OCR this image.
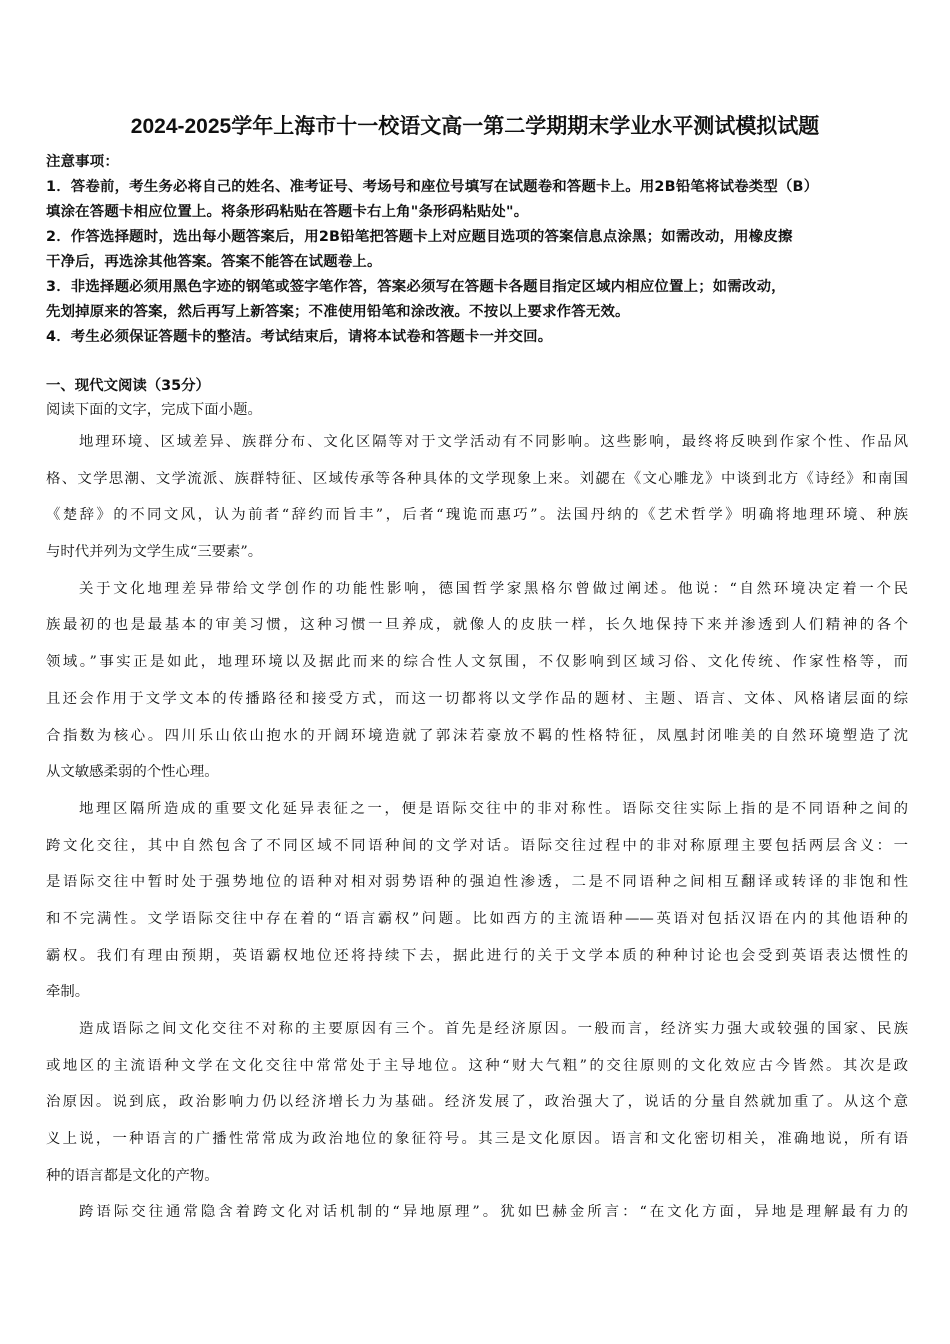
2024-2025学年上海市十一校语文高一第二学期期末学业水平测试模拟试题
注意事项：
1．答卷前，考生务必将自己的姓名、准考证号、考场号和座位号填写在试题卷和答题卡上。用2B铅笔将试卷类型（B）
填涂在答题卡相应位置上。将条形码粘贴在答题卡右上角"条形码粘贴处"。
2．作答选择题时，选出每小题答案后，用2B铅笔把答题卡上对应题目选项的答案信息点涂黑；如需改动，用橡皮擦
干净后，再选涂其他答案。答案不能答在试题卷上。
3．非选择题必须用黑色字迹的钢笔或签字笔作答，答案必须写在答题卡各题目指定区域内相应位置上；如需改动，
先划掉原来的答案，然后再写上新答案；不准使用铅笔和涂改液。不按以上要求作答无效。
4．考生必须保证答题卡的整洁。考试结束后，请将本试卷和答题卡一并交回。
一、现代文阅读（35分）
阅读下面的文字，完成下面小题。
地理环境、区域差异、族群分布、文化区隔等对于文学活动有不同影响。这些影响，最终将反映到作家个性、作品风
格、文学思潮、文学流派、族群特征、区域传承等各种具体的文学现象上来。刘勰在《文心雕龙》中谈到北方《诗经》和南国
《楚辞》的不同文风，认为前者“辞约而旨丰”，后者“瑰诡而惠巧”。法国丹纳的《艺术哲学》明确将地理环境、种族
与时代并列为文学生成“三要素”。
关于文化地理差异带给文学创作的功能性影响，德国哲学家黑格尔曾做过阐述。他说：“自然环境决定着一个民
族最初的也是最基本的审美习惯，这种习惯一旦养成，就像人的皮肤一样，长久地保持下来并渗透到人们精神的各个
领域。”事实正是如此，地理环境以及据此而来的综合性人文氛围，不仅影响到区域习俗、文化传统、作家性格等，而
且还会作用于文学文本的传播路径和接受方式，而这一切都将以文学作品的题材、主题、语言、文体、风格诸层面的综
合指数为核心。四川乐山依山抱水的开阔环境造就了郭沫若豪放不羁的性格特征，凤凰封闭唯美的自然环境塑造了沈
从文敏感柔弱的个性心理。
地理区隔所造成的重要文化延异表征之一，便是语际交往中的非对称性。语际交往实际上指的是不同语种之间的
跨文化交往，其中自然包含了不同区域不同语种间的文学对话。语际交往过程中的非对称原理主要包括两层含义：一
是语际交往中暂时处于强势地位的语种对相对弱势语种的强迫性渗透，二是不同语种之间相互翻译或转译的非饱和性
和不完满性。文学语际交往中存在着的“语言霸权”问题。比如西方的主流语种——英语对包括汉语在内的其他语种的
霸权。我们有理由预期，英语霸权地位还将持续下去，据此进行的关于文学本质的种种讨论也会受到英语表达惯性的
牵制。
造成语际之间文化交往不对称的主要原因有三个。首先是经济原因。一般而言，经济实力强大或较强的国家、民族
或地区的主流语种文学在文化交往中常常处于主导地位。这种“财大气粗”的交往原则的文化效应古今皆然。其次是政
治原因。说到底，政治影响力仍以经济增长力为基础。经济发展了，政治强大了，说话的分量自然就加重了。从这个意
义上说，一种语言的广播性常常成为政治地位的象征符号。其三是文化原因。语言和文化密切相关，准确地说，所有语
种的语言都是文化的产物。
跨语际交往通常隐含着跨文化对话机制的“异地原理”。犹如巴赫金所言：“在文化方面，异地是理解最有力的
